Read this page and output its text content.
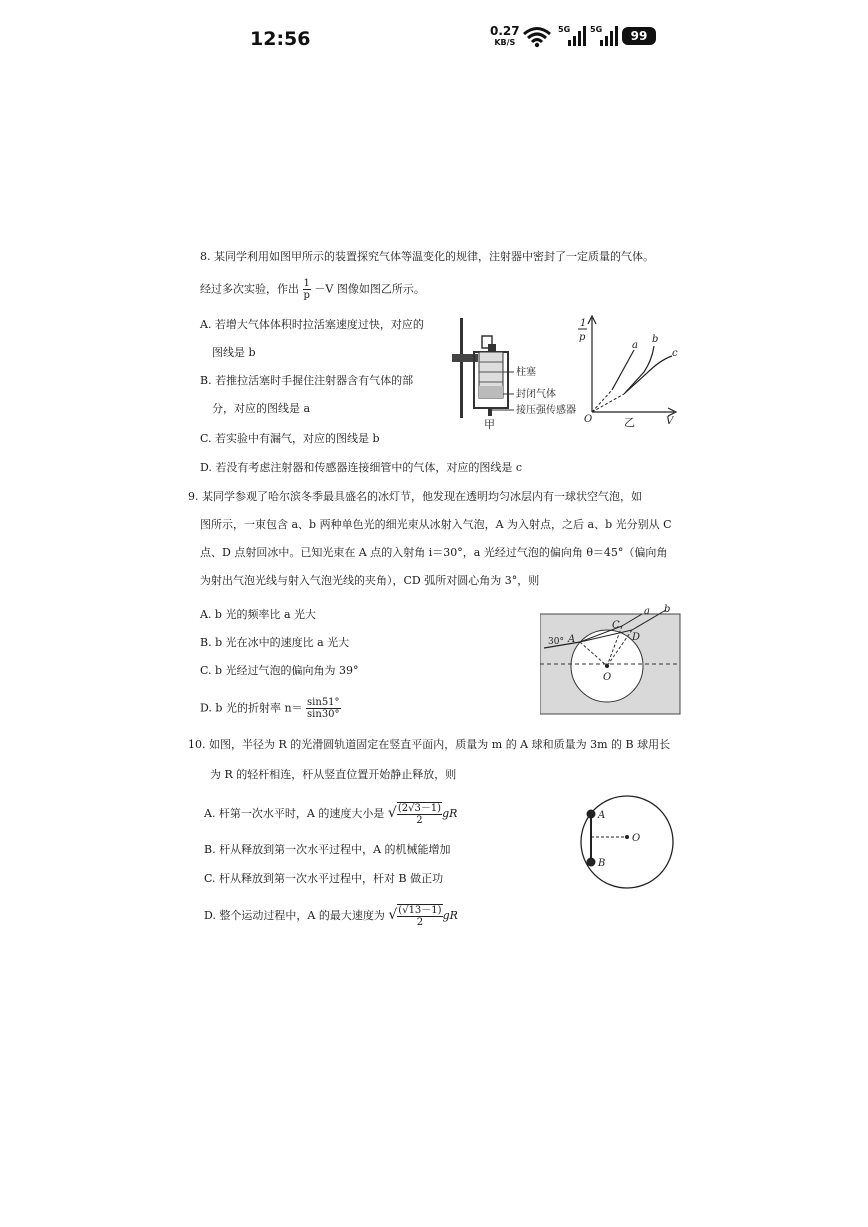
12:56	0.27
KB/S
5G 5G	99
8. 某同学利用如图甲所示的装置探究气体等温变化的规律，注射器中密封了一定质量的气体。
经过多次实验，作出 $\frac{1}{p} -V$ 图像如图乙所示。
A. 若增大气体体积时拉活塞速度过快，对应的
图线是 b
B. 若推拉活塞时手握住注射器含有气体的部
分，对应的图线是 a
C. 若实验中有漏气，对应的图线是 b
D. 若没有考虑注射器和传感器连接细管中的气体，对应的图线是 c
柱塞
封闭气体
接压强传感器
甲
1
p
O	V
乙
a
b
c
9. 某同学参观了哈尔滨冬季最具盛名的冰灯节，他发现在透明均匀冰层内有一球状空气泡，如
图所示，一束包含 a、b 两种单色光的细光束从冰射入气泡，A 为入射点，之后 a、b 光分别从 C
点、D 点射回冰中。已知光束在 A 点的入射角 i＝30°，a 光经过气泡的偏向角 θ＝45°（偏向角
为射出气泡光线与射入气泡光线的夹角），CD 弧所对圆心角为 3°，则
A. b 光的频率比 a 光大
B. b 光在冰中的速度比 a 光大
C. b 光经过气泡的偏向角为 39°
D. b 光的折射率 $n= \frac{\sin 51^\circ}{\sin 30^\circ}$
30° A
C
D
O
a b
10. 如图，半径为 R 的光滑圆轨道固定在竖直平面内，质量为 m 的 A 球和质量为 3m 的 B 球用长
为 R 的轻杆相连，杆从竖直位置开始静止释放，则
A. 杆第一次水平时，A 的速度大小是 √ $\frac{(2√3-1)}{2}$ gR
B. 杆从释放到第一次水平过程中，A 的机械能增加
C. 杆从释放到第一次水平过程中，杆对 B 做正功
D. 整个运动过程中，A 的最大速度为 √ $\frac{(√13-1)}{2}$ gR
A
B
O
